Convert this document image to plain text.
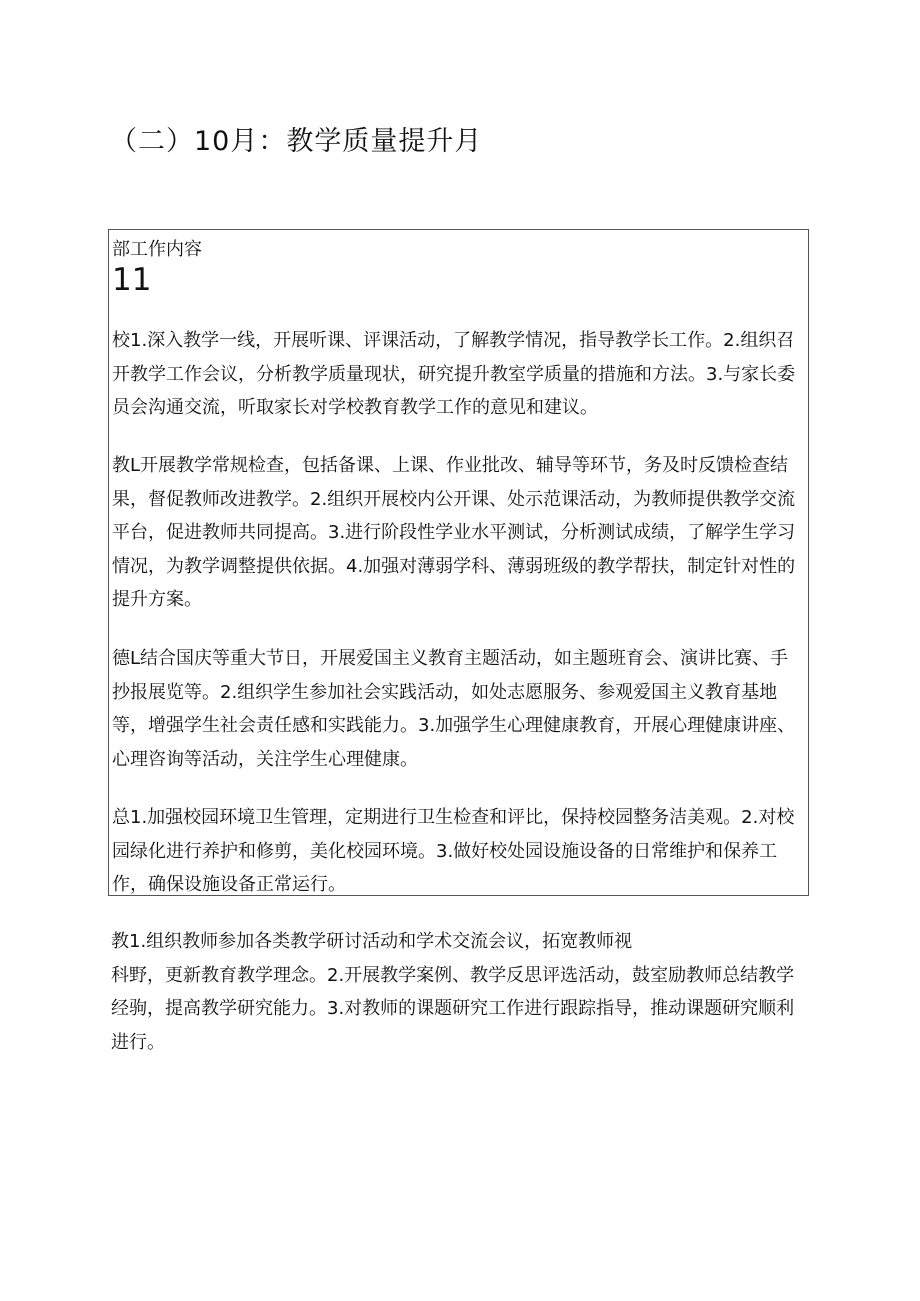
（二）10月：教学质量提升月
部工作内容
11

校1.深入教学一线，开展听课、评课活动，了解教学情况，指导教学长工作。2.组织召开教学工作会议，分析教学质量现状，研究提升教室学质量的措施和方法。3.与家长委员会沟通交流，听取家长对学校教育教学工作的意见和建议。

教L开展教学常规检查，包括备课、上课、作业批改、辅导等环节，务及时反馈检查结果，督促教师改进教学。2.组织开展校内公开课、处示范课活动，为教师提供教学交流平台，促进教师共同提高。3.进行阶段性学业水平测试，分析测试成绩，了解学生学习情况，为教学调整提供依据。4.加强对薄弱学科、薄弱班级的教学帮扶，制定针对性的提升方案。

德L结合国庆等重大节日，开展爱国主义教育主题活动，如主题班育会、演讲比赛、手抄报展览等。2.组织学生参加社会实践活动，如处志愿服务、参观爱国主义教育基地等，增强学生社会责任感和实践能力。3.加强学生心理健康教育，开展心理健康讲座、心理咨询等活动，关注学生心理健康。

总1.加强校园环境卫生管理，定期进行卫生检查和评比，保持校园整务洁美观。2.对校园绿化进行养护和修剪，美化校园环境。3.做好校处园设施设备的日常维护和保养工作，确保设施设备正常运行。

教1.组织教师参加各类教学研讨活动和学术交流会议，拓宽教师视
科野，更新教育教学理念。2.开展教学案例、教学反思评选活动，鼓室励教师总结教学经驹，提高教学研究能力。3.对教师的课题研究工作进行跟踪指导，推动课题研究顺利进行。
